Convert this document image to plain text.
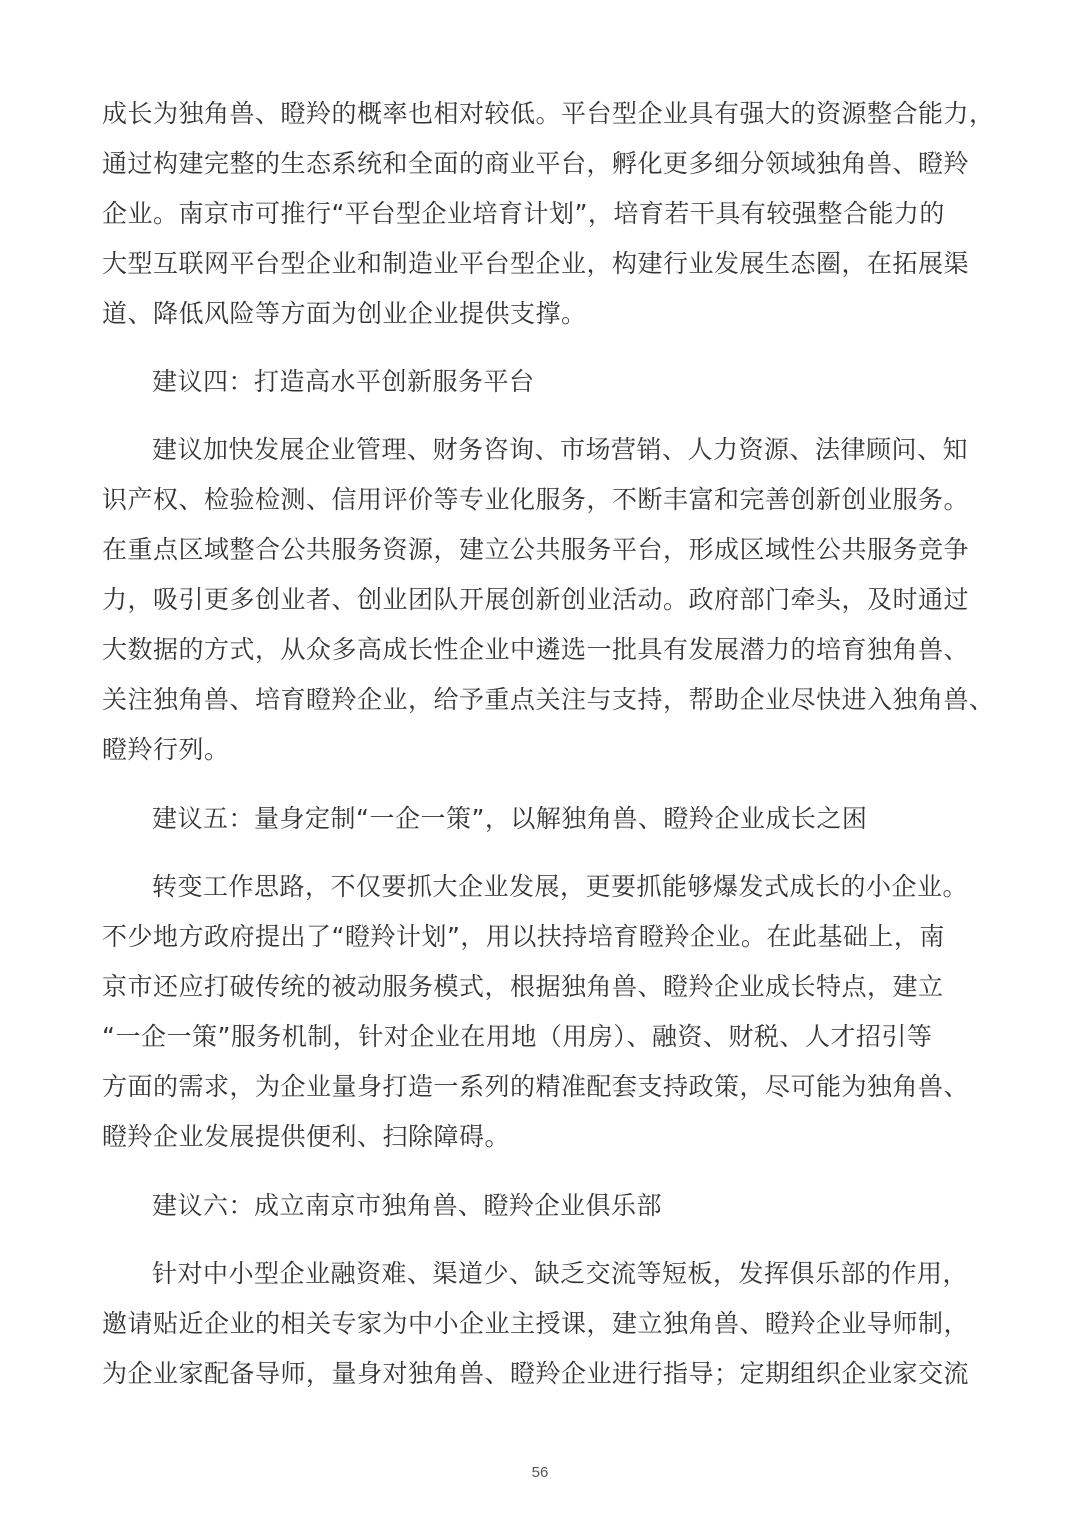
成长为独角兽、瞪羚的概率也相对较低。平台型企业具有强大的资源整合能力，
通过构建完整的生态系统和全面的商业平台，孵化更多细分领域独角兽、瞪羚
企业。南京市可推行“平台型企业培育计划”，培育若干具有较强整合能力的
大型互联网平台型企业和制造业平台型企业，构建行业发展生态圈，在拓展渠
道、降低风险等方面为创业企业提供支撑。
建议四：打造高水平创新服务平台
建议加快发展企业管理、财务咨询、市场营销、人力资源、法律顾问、知
识产权、检验检测、信用评价等专业化服务，不断丰富和完善创新创业服务。
在重点区域整合公共服务资源，建立公共服务平台，形成区域性公共服务竞争
力，吸引更多创业者、创业团队开展创新创业活动。政府部门牵头，及时通过
大数据的方式，从众多高成长性企业中遴选一批具有发展潜力的培育独角兽、
关注独角兽、培育瞪羚企业，给予重点关注与支持，帮助企业尽快进入独角兽、
瞪羚行列。
建议五：量身定制“一企一策”，以解独角兽、瞪羚企业成长之困
转变工作思路，不仅要抓大企业发展，更要抓能够爆发式成长的小企业。
不少地方政府提出了“瞪羚计划”，用以扶持培育瞪羚企业。在此基础上，南
京市还应打破传统的被动服务模式，根据独角兽、瞪羚企业成长特点，建立
“一企一策”服务机制，针对企业在用地（用房）、融资、财税、人才招引等
方面的需求，为企业量身打造一系列的精准配套支持政策，尽可能为独角兽、
瞪羚企业发展提供便利、扫除障碍。
建议六：成立南京市独角兽、瞪羚企业俱乐部
针对中小型企业融资难、渠道少、缺乏交流等短板，发挥俱乐部的作用，
邀请贴近企业的相关专家为中小企业主授课，建立独角兽、瞪羚企业导师制，
为企业家配备导师，量身对独角兽、瞪羚企业进行指导；定期组织企业家交流
56
